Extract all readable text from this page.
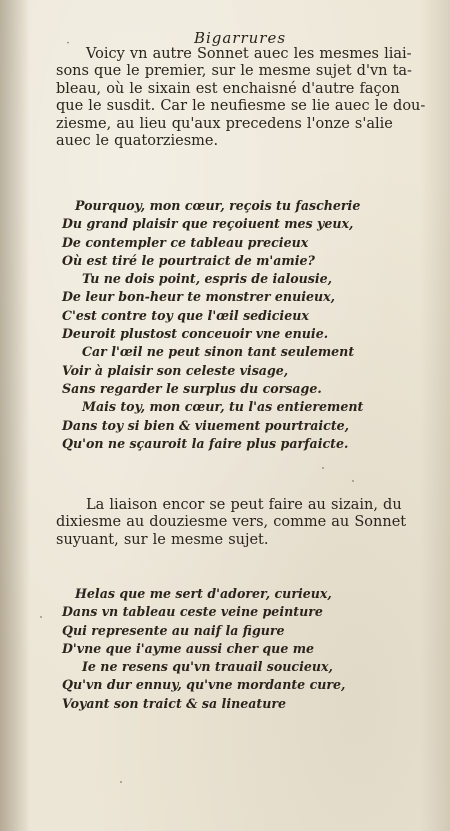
·	Bigarrures
Voicy vn autre Sonnet auec les mesmes liai-
sons que le premier, sur le mesme sujet d'vn ta-
bleau, où le sixain est enchaisné d'autre façon
que le susdit. Car le neufiesme se lie auec le dou-
ziesme, au lieu qu'aux precedens l'onze s'alie
auec le quatorziesme.
Pourquoy, mon cœur, reçois tu fascherie
Du grand plaisir que reçoiuent mes yeux,
De contempler ce tableau precieux
Où est tiré le pourtraict de m'amie?
Tu ne dois point, espris de ialousie,
De leur bon-heur te monstrer enuieux,
C'est contre toy que l'œil sedicieux
Deuroit plustost conceuoir vne enuie.
Car l'œil ne peut sinon tant seulement
Voir à plaisir son celeste visage,
Sans regarder le surplus du corsage.
Mais toy, mon cœur, tu l'as entierement
Dans toy si bien & viuement pourtraicte,
Qu'on ne sçauroit la faire plus parfaicte.
La liaison encor se peut faire au sizain, du
dixiesme au douziesme vers, comme au Sonnet
suyuant, sur le mesme sujet.
Helas que me sert d'adorer, curieux,
Dans vn tableau ceste veine peinture
Qui represente au naif la figure
D'vne que i'ayme aussi cher que me
Ie ne resens qu'vn trauail soucieux,
Qu'vn dur ennuy, qu'vne mordante cure,
Voyant son traict & sa lineature
